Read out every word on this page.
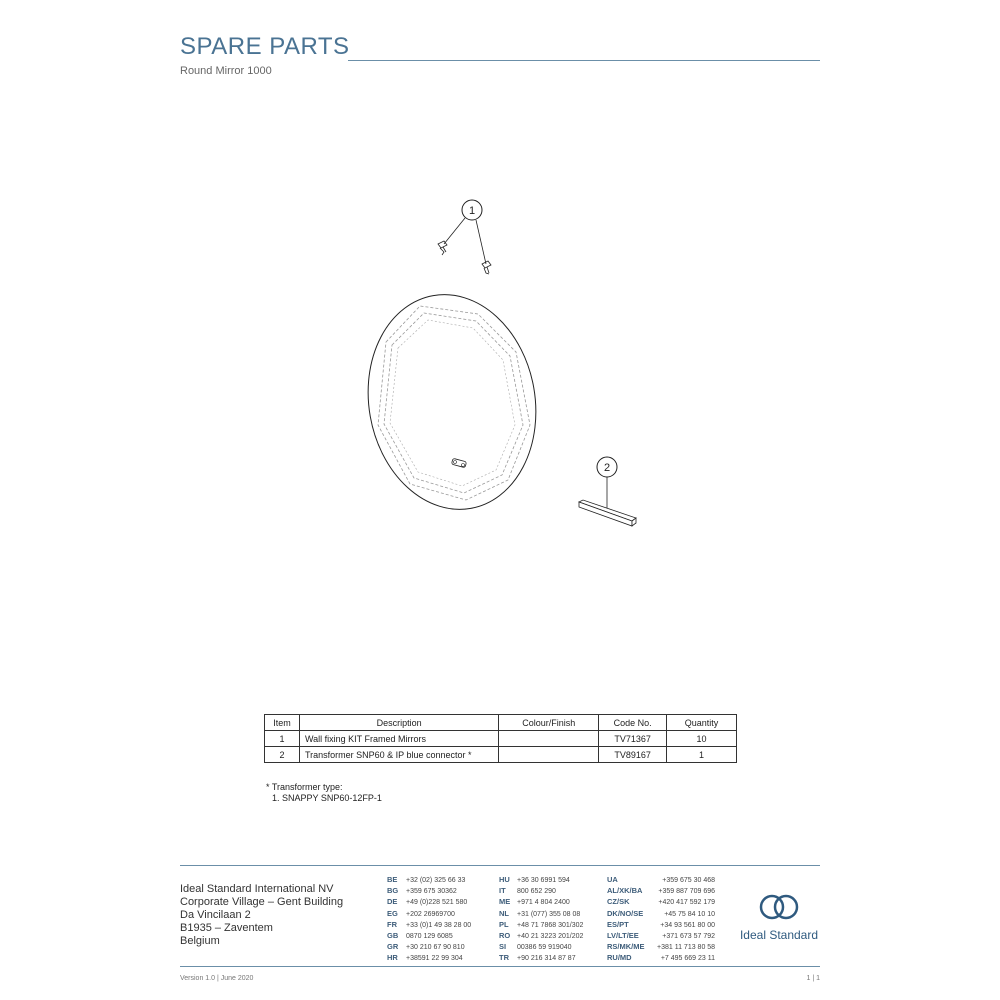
SPARE PARTS
Round Mirror 1000
1
2
Item	Description	Colour/Finish	Code No.	Quantity
1	Wall fixing KIT Framed Mirrors		TV71367	10
2	Transformer SNP60 & IP blue connector *		TV89167	1
* Transformer type:
1. SNAPPY SNP60-12FP-1
Ideal Standard International NV
Corporate Village – Gent Building
Da Vincilaan 2
B1935 – Zaventem
Belgium
BE +32 (02) 325 66 33
BG +359 675 30362
DE +49 (0)228 521 580
EG +202 26969700
FR +33 (0)1 49 38 28 00
GB 0870 129 6085
GR +30 210 67 90 810
HR +38591 22 99 304
HU +36 30 6991 594
IT 800 652 290
ME +971 4 804 2400
NL +31 (077) 355 08 08
PL +48 71 7868 301/302
RO +40 21 3223 201/202
SI 00386 59 919040
TR +90 216 314 87 87
UA	+359 675 30 468
AL/XK/BA +359 887 709 696
CZ/SK	+420 417 592 179
DK/NO/SE	+45 75 84 10 10
ES/PT	+34 93 561 80 00
LV/LT/EE	+371 673 57 792
RS/MK/ME +381 11 713 80 58
RU/MD	+7 495 669 23 11
Ideal Standard
Version 1.0 | June 2020	1 | 1
